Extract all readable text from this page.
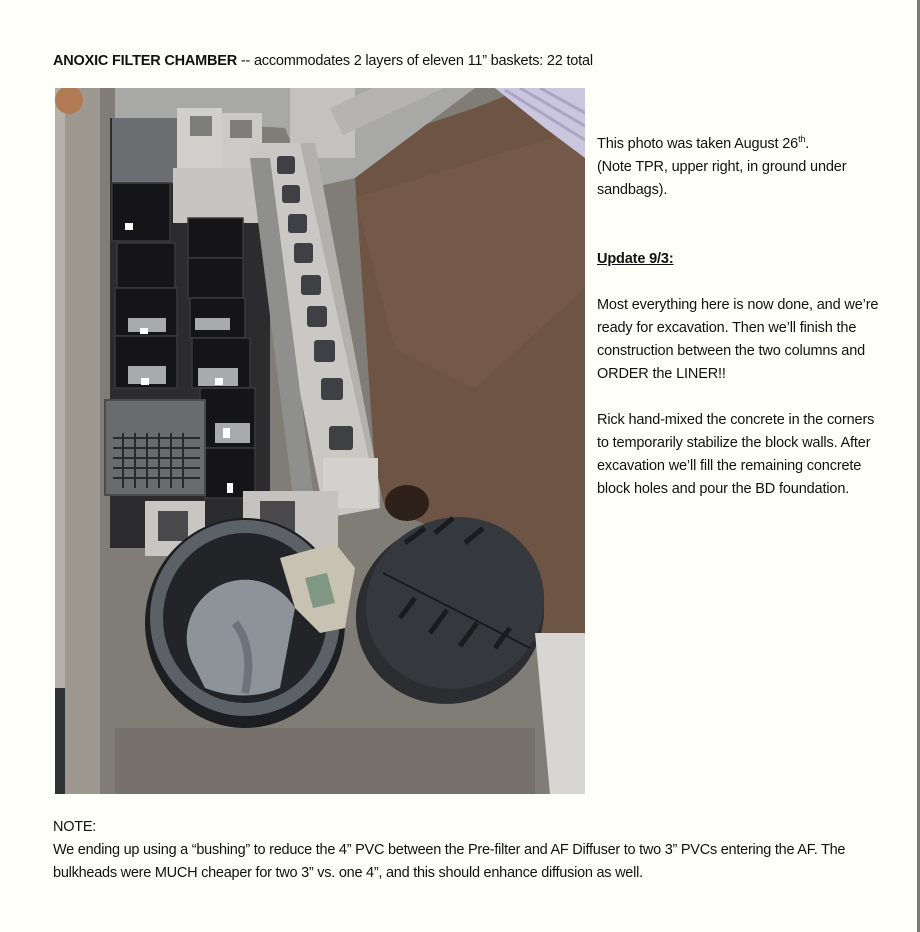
ANOXIC FILTER CHAMBER -- accommodates 2 layers of eleven 11” baskets: 22 total

This photo was taken August 26th.

(Note TPR, upper right, in ground under sandbags).

Update 9/3:

Most everything here is now done, and we’re ready for excavation. Then we’ll finish the construction between the two columns and ORDER the LINER!!

Rick hand-mixed the concrete in the corners to temporarily stabilize the block walls. After excavation we’ll fill the remaining concrete block holes and pour the BD foundation.

NOTE:

We ending up using a “bushing” to reduce the 4” PVC between the Pre-filter and AF Diffuser to two 3” PVCs entering the AF. The bulkheads were MUCH cheaper for two 3” vs. one 4”, and this should enhance diffusion as well.
